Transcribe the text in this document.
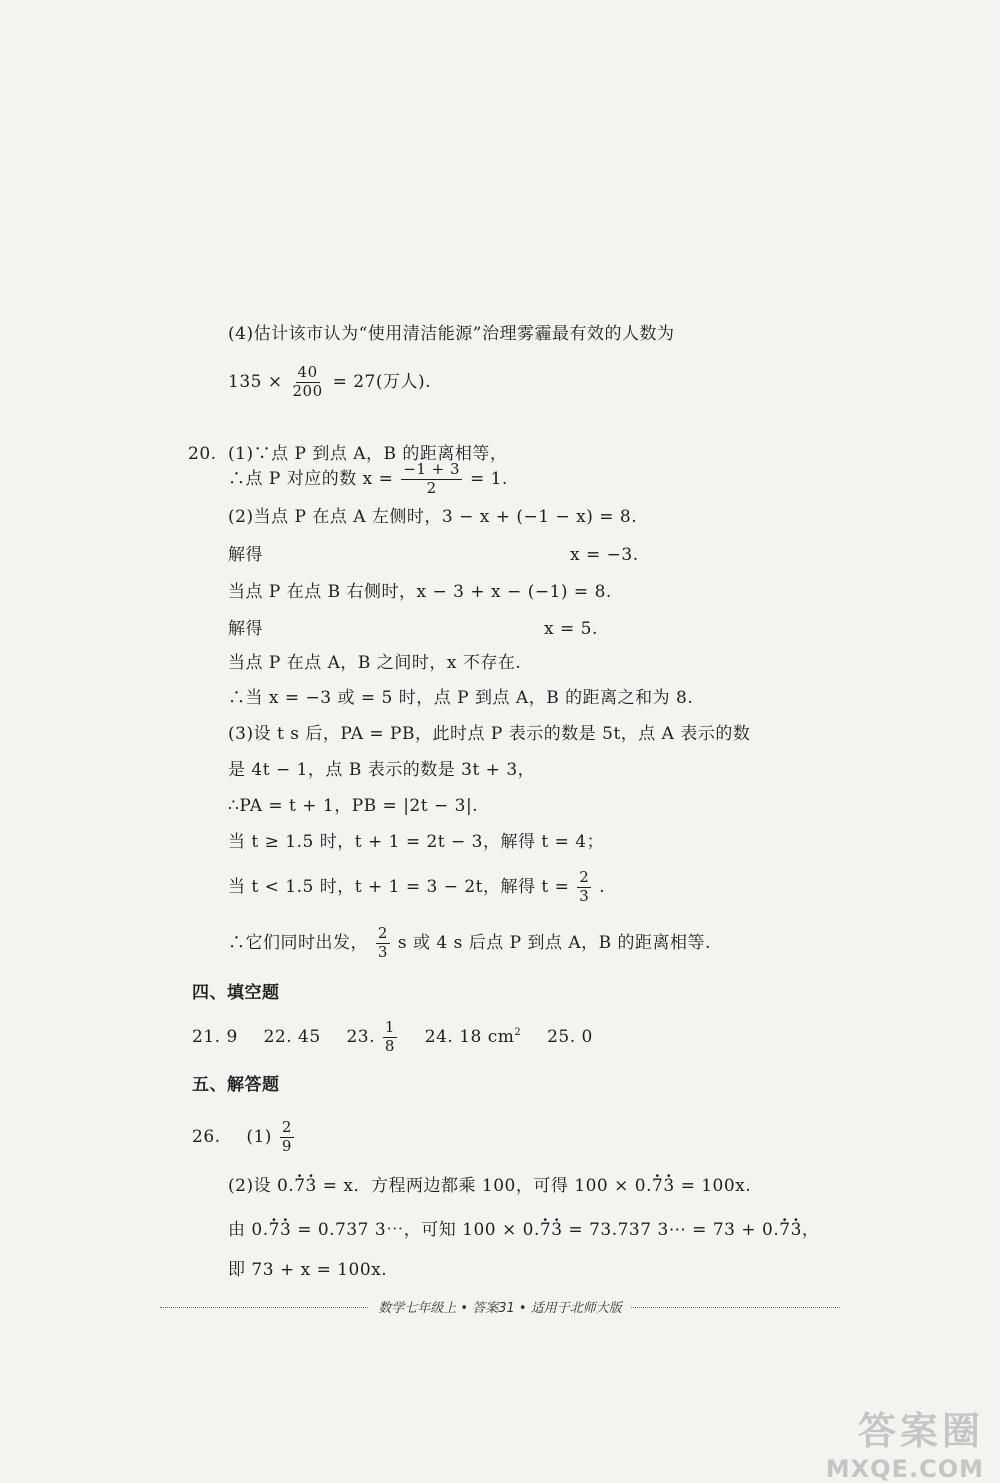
(4)估计该市认为“使用清洁能源”治理雾霾最有效的人数为
$135 \times \frac{40}{200} = 27$(万人).
20. (1)∵点 P 到点 A，B 的距离相等，
∴点 P 对应的数 $x = \frac{-1 + 3}{2} = 1$.
(2)当点 P 在点 A 左侧时，3 − x + (−1 − x) = 8.
解得	x = −3.
当点 P 在点 B 右侧时，x − 3 + x − (−1) = 8.
解得	x = 5.
当点 P 在点 A，B 之间时，x 不存在.
∴当 x = −3 或 = 5 时，点 P 到点 A，B 的距离之和为 8.
(3)设 t s 后，PA = PB，此时点 P 表示的数是 5t，点 A 表示的数
是 4t − 1，点 B 表示的数是 3t + 3，
∴PA = t + 1，PB = |2t − 3|.
当 t ≥ 1.5 时，t + 1 = 2t − 3，解得 t = 4；
当 t < 1.5 时，t + 1 = 3 − 2t，解得 $t = \frac{2}{3}$ .
∴它们同时出发， $\frac{2}{3}$ s 或 4 s 后点 P 到点 A，B 的距离相等.
四、填空题
21. 9 22. 45 23. $\frac{1}{8} 24$. 18 $cm^2$ 25. 0
五、解答题
26. $(1) \frac{2}{9}$
(2)设 0.. 7. 3 = x．方程两边都乘 100，可得 100 × 0.. 7. 3 = 100x.
由 0.. 7. 3 = 0.737 3⋯，可知 100 × 0.. 7. 3 = 73.737 3⋯ = 73 + 0.. 7. 3，
即 73 + x = 100x.
数学七年级上 • 答案31 • 适用于北师大版
答案圈
MXQE.COM
